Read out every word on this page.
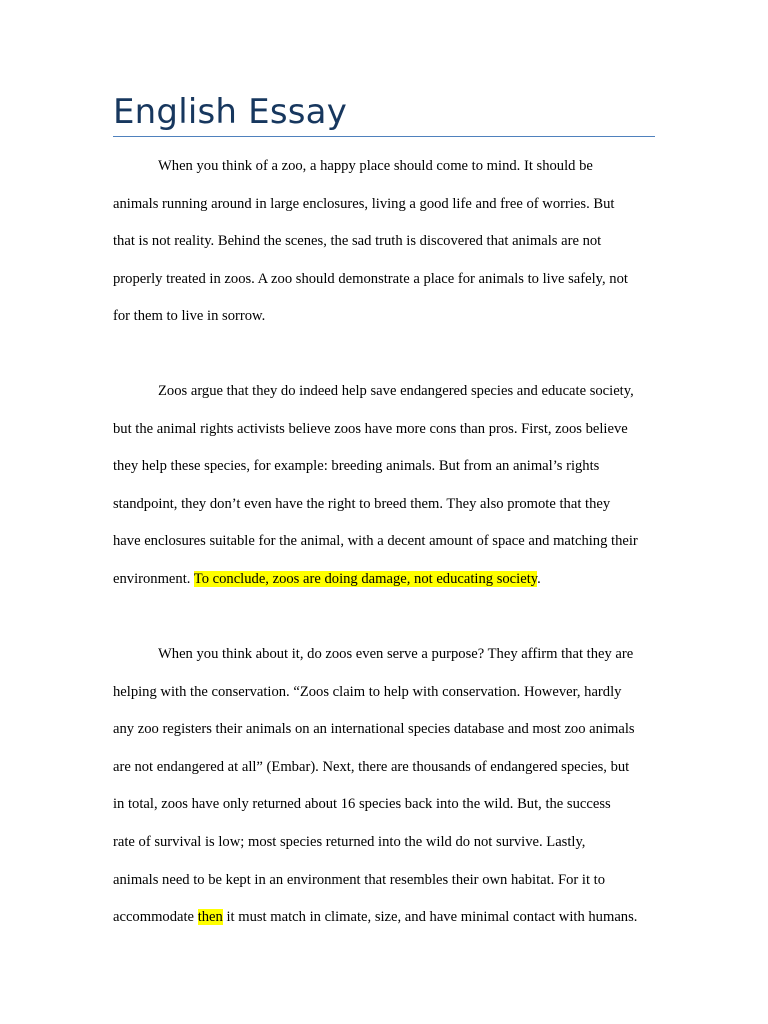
English Essay
When you think of a zoo, a happy place should come to mind. It should be
animals running around in large enclosures, living a good life and free of worries. But
that is not reality. Behind the scenes, the sad truth is discovered that animals are not
properly treated in zoos. A zoo should demonstrate a place for animals to live safely, not
for them to live in sorrow.
Zoos argue that they do indeed help save endangered species and educate society,
but the animal rights activists believe zoos have more cons than pros. First, zoos believe
they help these species, for example: breeding animals. But from an animal’s rights
standpoint, they don’t even have the right to breed them. They also promote that they
have enclosures suitable for the animal, with a decent amount of space and matching their
environment. To conclude, zoos are doing damage, not educating society.
When you think about it, do zoos even serve a purpose? They affirm that they are
helping with the conservation. “Zoos claim to help with conservation. However, hardly
any zoo registers their animals on an international species database and most zoo animals
are not endangered at all” (Embar). Next, there are thousands of endangered species, but
in total, zoos have only returned about 16 species back into the wild. But, the success
rate of survival is low; most species returned into the wild do not survive. Lastly,
animals need to be kept in an environment that resembles their own habitat. For it to
accommodate then it must match in climate, size, and have minimal contact with humans.
